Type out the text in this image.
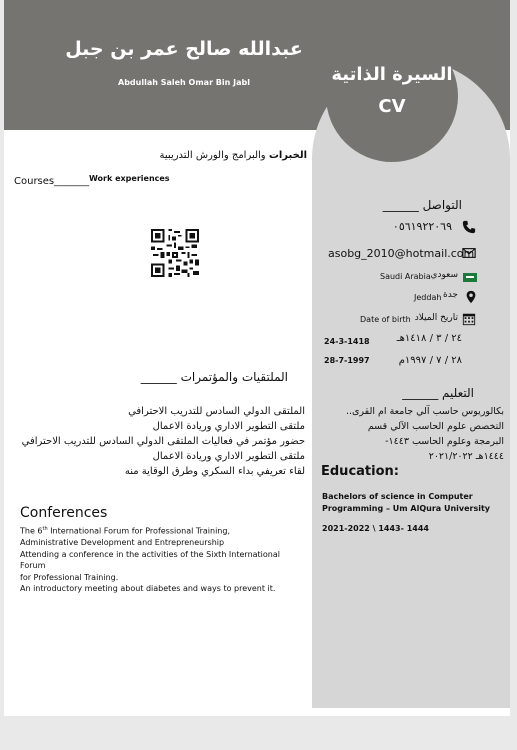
عبدالله صالح عمر بن جبل
Abdullah Saleh Omar Bin Jabl	السيرة الذاتية
CV
الخبرات والبرامج والورش التدريبية
Courses_______ Work experiences
الملتقيات والمؤتمرات ______
الملتقى الدولي السادس للتدريب الاحترافي
ملتقى التطوير الاداري وريادة الاعمال
حضور مؤتمر في فعاليات الملتقى الدولي السادس للتدريب الاحترافي
ملتقى التطوير الاداري وريادة الاعمال
لقاء تعريفي بداء السكري وطرق الوقاية منه
Conferences
The 6th International Forum for Professional Training,
Administrative Development and Entrepreneurship
Attending a conference in the activities of the Sixth International Forum
for Professional Training.
An introductory meeting about diabetes and ways to prevent it.
التواصل ______
٠٥٦١٩٢٢٠٦٩
asobg_2010@hotmail.com
Saudi Arabia سعودي
Jeddah جدة
Date of birth تاريخ الميلاد
24-3-1418	٢٤ / ٣ / ١٤١٨هـ
28-7-1997	٢٨ / ٧ / ١٩٩٧م
التعليم ______
بكالوريوس حاسب آلي جامعة ام القرى..
التخصص علوم الحاسب الآلي قسم
البرمجة وعلوم الحاسب ١٤٤٣-
١٤٤٤هـ ٢٠٢١/٢٠٢٢
Education:
Bachelors of science in Computer
Programming – Um AlQura University
2021-2022 \ 1443- 1444
